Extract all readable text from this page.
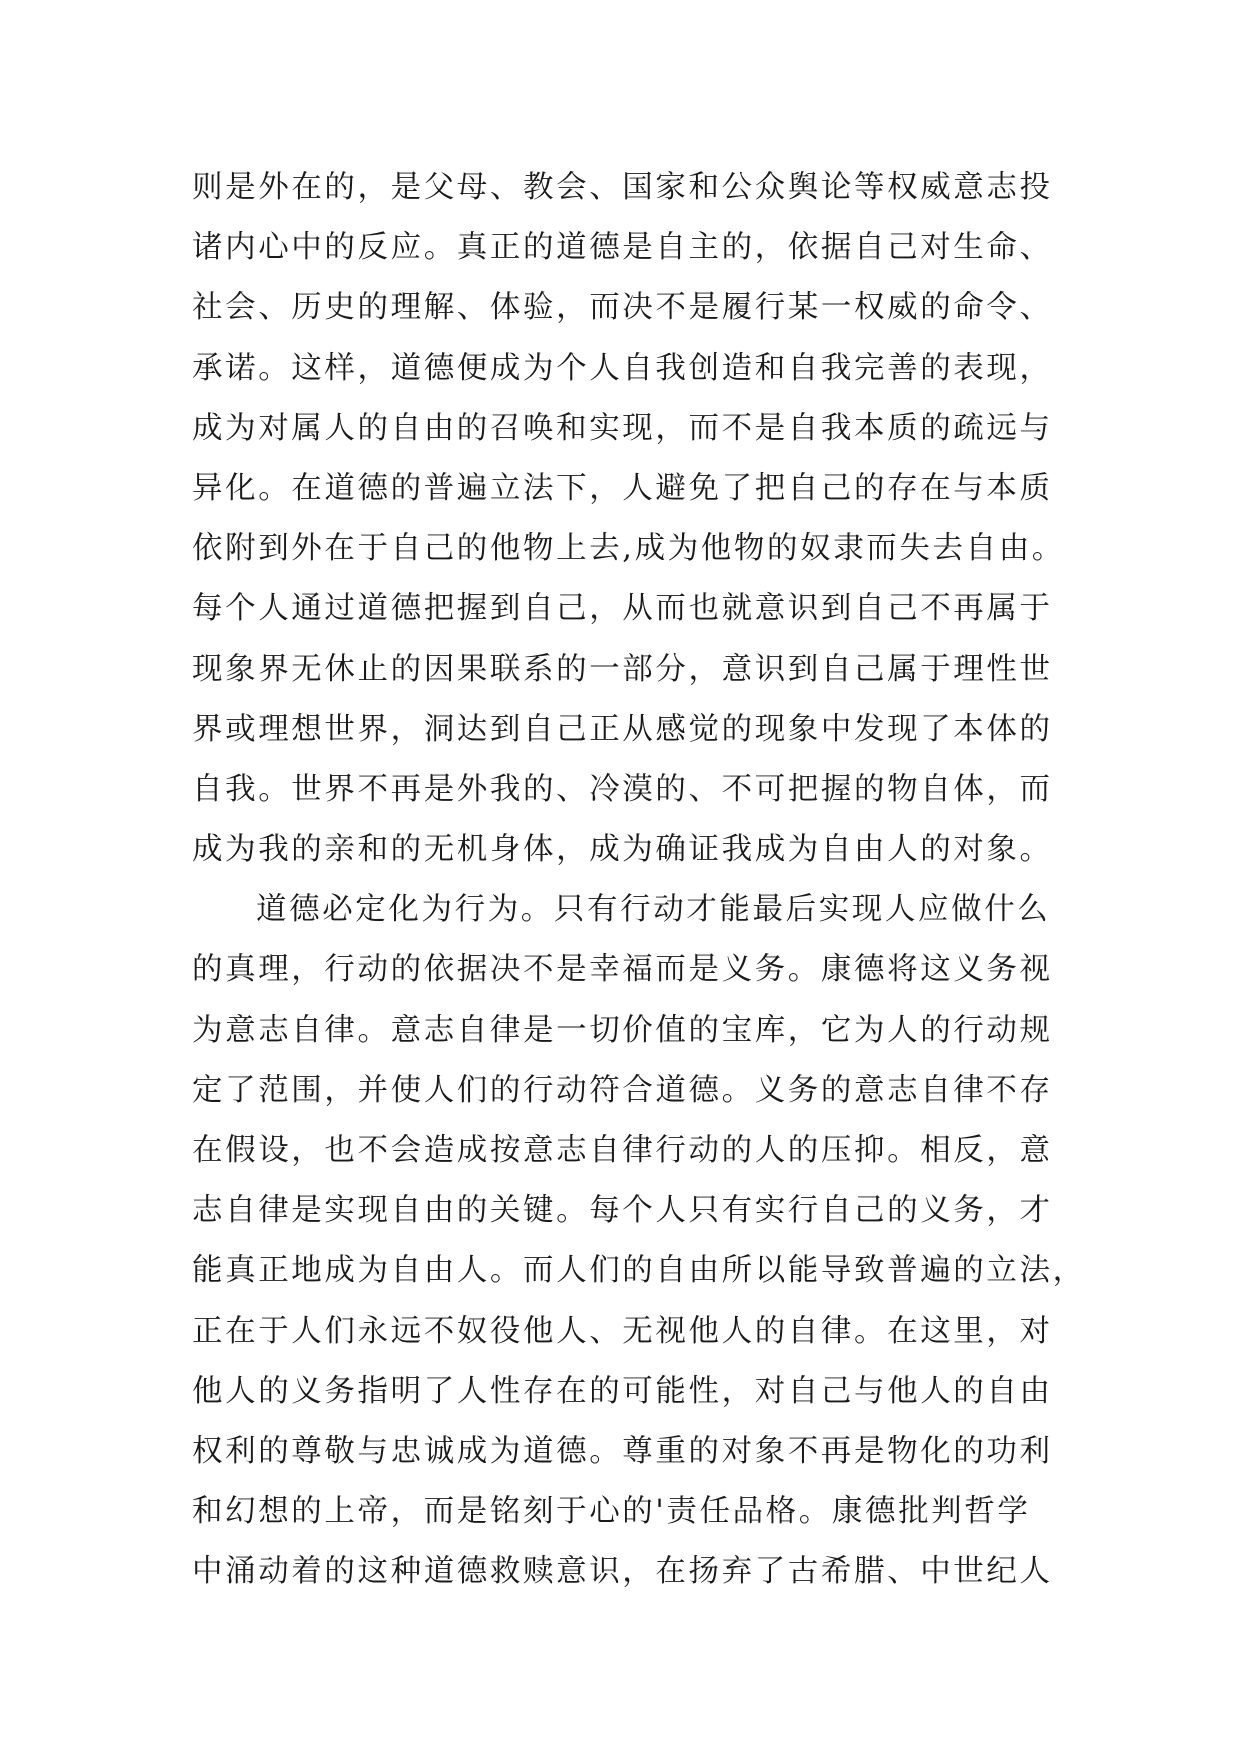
则是外在的，是父母、教会、国家和公众舆论等权威意志投
诸内心中的反应。真正的道德是自主的，依据自己对生命、
社会、历史的理解、体验，而决不是履行某一权威的命令、
承诺。这样，道德便成为个人自我创造和自我完善的表现，
成为对属人的自由的召唤和实现，而不是自我本质的疏远与
异化。在道德的普遍立法下，人避免了把自己的存在与本质
依附到外在于自己的他物上去,成为他物的奴隶而失去自由。
每个人通过道德把握到自己，从而也就意识到自己不再属于
现象界无休止的因果联系的一部分，意识到自己属于理性世
界或理想世界，洞达到自己正从感觉的现象中发现了本体的
自我。世界不再是外我的、冷漠的、不可把握的物自体，而
成为我的亲和的无机身体，成为确证我成为自由人的对象。
道德必定化为行为。只有行动才能最后实现人应做什么
的真理，行动的依据决不是幸福而是义务。康德将这义务视
为意志自律。意志自律是一切价值的宝库，它为人的行动规
定了范围，并使人们的行动符合道德。义务的意志自律不存
在假设，也不会造成按意志自律行动的人的压抑。相反，意
志自律是实现自由的关键。每个人只有实行自己的义务，才
能真正地成为自由人。而人们的自由所以能导致普遍的立法，
正在于人们永远不奴役他人、无视他人的自律。在这里，对
他人的义务指明了人性存在的可能性，对自己与他人的自由
权利的尊敬与忠诚成为道德。尊重的对象不再是物化的功利
和幻想的上帝，而是铭刻于心的'责任品格。康德批判哲学
中涌动着的这种道德救赎意识，在扬弃了古希腊、中世纪人
